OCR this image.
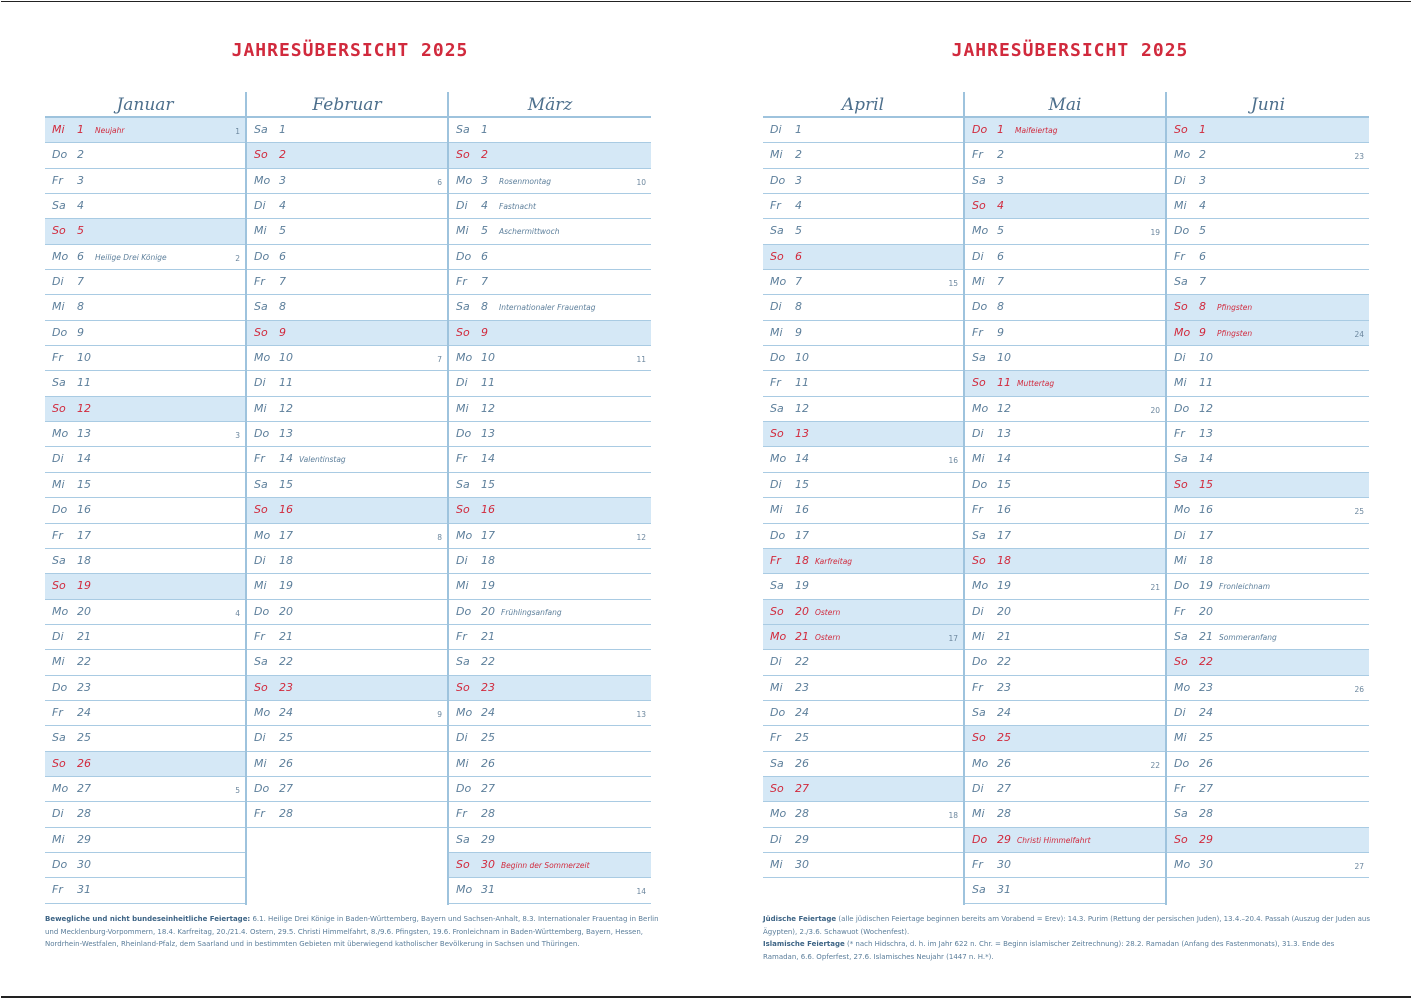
JAHRESÜBERSICHT 2025	JAHRESÜBERSICHT 2025
Januar
Mi 1 Neujahr	1
Do 2
Fr 3
Sa 4
So 5
Mo 6 Heilige Drei Könige	2
Di 7
Mi 8
Do 9
Fr 10
Sa 11
So 12
Mo 13	3
Di 14
Mi 15
Do 16
Fr 17
Sa 18
So 19
Mo 20	4
Di 21
Mi 22
Do 23
Fr 24
Sa 25
So 26
Mo 27	5
Di 28
Mi 29
Do 30
Fr 31
Februar
Sa 1
So 2
Mo 3	6
Di 4
Mi 5
Do 6
Fr 7
Sa 8
So 9
Mo 10	7
Di 11
Mi 12
Do 13
Fr 14 Valentinstag
Sa 15
So 16
Mo 17	8
Di 18
Mi 19
Do 20
Fr 21
Sa 22
So 23
Mo 24	9
Di 25
Mi 26
Do 27
Fr 28
März
Sa 1
So 2
Mo 3 Rosenmontag	10
Di 4 Fastnacht
Mi 5 Aschermittwoch
Do 6
Fr 7
Sa 8 Internationaler Frauentag
So 9
Mo 10	11
Di 11
Mi 12
Do 13
Fr 14
Sa 15
So 16
Mo 17	12
Di 18
Mi 19
Do 20 Frühlingsanfang
Fr 21
Sa 22
So 23
Mo 24	13
Di 25
Mi 26
Do 27
Fr 28
Sa 29
So 30 Beginn der Sommerzeit
Mo 31	14
April
Di 1
Mi 2
Do 3
Fr 4
Sa 5
So 6
Mo 7	15
Di 8
Mi 9
Do 10
Fr 11
Sa 12
So 13
Mo 14	16
Di 15
Mi 16
Do 17
Fr 18 Karfreitag
Sa 19
So 20 Ostern
Mo 21 Ostern	17
Di 22
Mi 23
Do 24
Fr 25
Sa 26
So 27
Mo 28	18
Di 29
Mi 30
Mai
Do 1 Maifeiertag
Fr 2
Sa 3
So 4
Mo 5	19
Di 6
Mi 7
Do 8
Fr 9
Sa 10
So 11 Muttertag
Mo 12	20
Di 13
Mi 14
Do 15
Fr 16
Sa 17
So 18
Mo 19	21
Di 20
Mi 21
Do 22
Fr 23
Sa 24
So 25
Mo 26	22
Di 27
Mi 28
Do 29 Christi Himmelfahrt
Fr 30
Sa 31
Juni
So 1
Mo 2	23
Di 3
Mi 4
Do 5
Fr 6
Sa 7
So 8 Pfingsten
Mo 9 Pfingsten	24
Di 10
Mi 11
Do 12
Fr 13
Sa 14
So 15
Mo 16	25
Di 17
Mi 18
Do 19 Fronleichnam
Fr 20
Sa 21 Sommeranfang
So 22
Mo 23	26
Di 24
Mi 25
Do 26
Fr 27
Sa 28
So 29
Mo 30	27
Bewegliche und nicht bundeseinheitliche Feiertage: 6.1. Heilige Drei Könige in Baden-Württemberg, Bayern und Sachsen-Anhalt, 8.3. Internationaler Frauentag in Berlin und Mecklenburg-Vorpommern, 18.4. Karfreitag, 20./21.4. Ostern, 29.5. Christi Himmelfahrt, 8./9.6. Pfingsten, 19.6. Fronleichnam in Baden-Württemberg, Bayern, Hessen, Nordrhein-Westfalen, Rheinland-Pfalz, dem Saarland und in bestimmten Gebieten mit überwiegend katholischer Bevölkerung in Sachsen und Thüringen.
Jüdische Feiertage (alle jüdischen Feiertage beginnen bereits am Vorabend = Erev): 14.3. Purim (Rettung der persischen Juden), 13.4.–20.4. Passah (Auszug der Juden aus Ägypten), 2./3.6. Schawuot (Wochenfest).
Islamische Feiertage (* nach Hidschra, d. h. im Jahr 622 n. Chr. = Beginn islamischer Zeitrechnung): 28.2. Ramadan (Anfang des Fastenmonats), 31.3. Ende des Ramadan, 6.6. Opferfest, 27.6. Islamisches Neujahr (1447 n. H.*).
